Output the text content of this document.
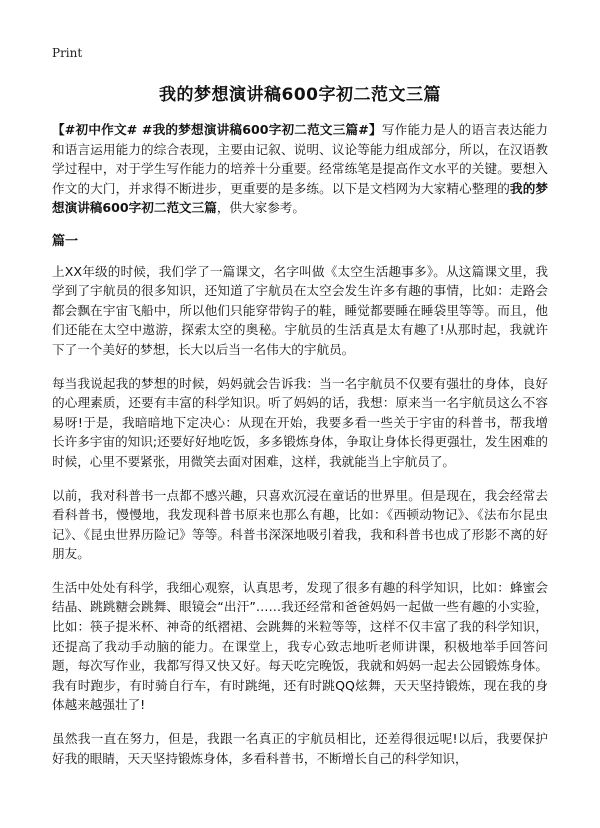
Print
我的梦想演讲稿600字初二范文三篇

【#初中作文# #我的梦想演讲稿600字初二范文三篇#】写作能力是人的语言表达能力和语言运用能力的综合表现，主要由记叙、说明、议论等能力组成部分，所以，在汉语教学过程中，对于学生写作能力的培养十分重要。经常练笔是提高作文水平的关键。要想入作文的大门，并求得不断进步，更重要的是多练。以下是文档网为大家精心整理的我的梦想演讲稿600字初二范文三篇，供大家参考。

篇一

上XX年级的时候，我们学了一篇课文，名字叫做《太空生活趣事多》。从这篇课文里，我学到了宇航员的很多知识，还知道了宇航员在太空会发生许多有趣的事情，比如：走路会都会飘在宇宙飞船中，所以他们只能穿带钩子的鞋，睡觉都要睡在睡袋里等等。而且，他们还能在太空中遨游，探索太空的奥秘。宇航员的生活真是太有趣了!从那时起，我就许下了一个美好的梦想，长大以后当一名伟大的宇航员。

每当我说起我的梦想的时候，妈妈就会告诉我：当一名宇航员不仅要有强壮的身体，良好的心理素质，还要有丰富的科学知识。听了妈妈的话，我想：原来当一名宇航员这么不容易呀!于是，我暗暗地下定决心：从现在开始，我要多看一些关于宇宙的科普书，帮我增长许多宇宙的知识;还要好好地吃饭，多多锻炼身体，争取让身体长得更强壮，发生困难的时候，心里不要紧张，用微笑去面对困难，这样，我就能当上宇航员了。

以前，我对科普书一点都不感兴趣，只喜欢沉浸在童话的世界里。但是现在，我会经常去看科普书，慢慢地，我发现科普书原来也那么有趣，比如：《西顿动物记》、《法布尔昆虫记》、《昆虫世界历险记》等等。科普书深深地吸引着我，我和科普书也成了形影不离的好朋友。

生活中处处有科学，我细心观察，认真思考，发现了很多有趣的科学知识，比如：蜂蜜会结晶、跳跳糖会跳舞、眼镜会“出汗”……我还经常和爸爸妈妈一起做一些有趣的小实验，比如：筷子提米杯、神奇的纸褶裙、会跳舞的米粒等等，这样不仅丰富了我的科学知识，还提高了我动手动脑的能力。在课堂上，我专心致志地听老师讲课，积极地举手回答问题，每次写作业，我都写得又快又好。每天吃完晚饭，我就和妈妈一起去公园锻炼身体。我有时跑步，有时骑自行车，有时跳绳，还有时跳QQ炫舞，天天坚持锻炼，现在我的身体越来越强壮了!

虽然我一直在努力，但是，我跟一名真正的宇航员相比，还差得很远呢!以后，我要保护好我的眼睛，天天坚持锻炼身体，多看科普书，不断增长自己的科学知识，
